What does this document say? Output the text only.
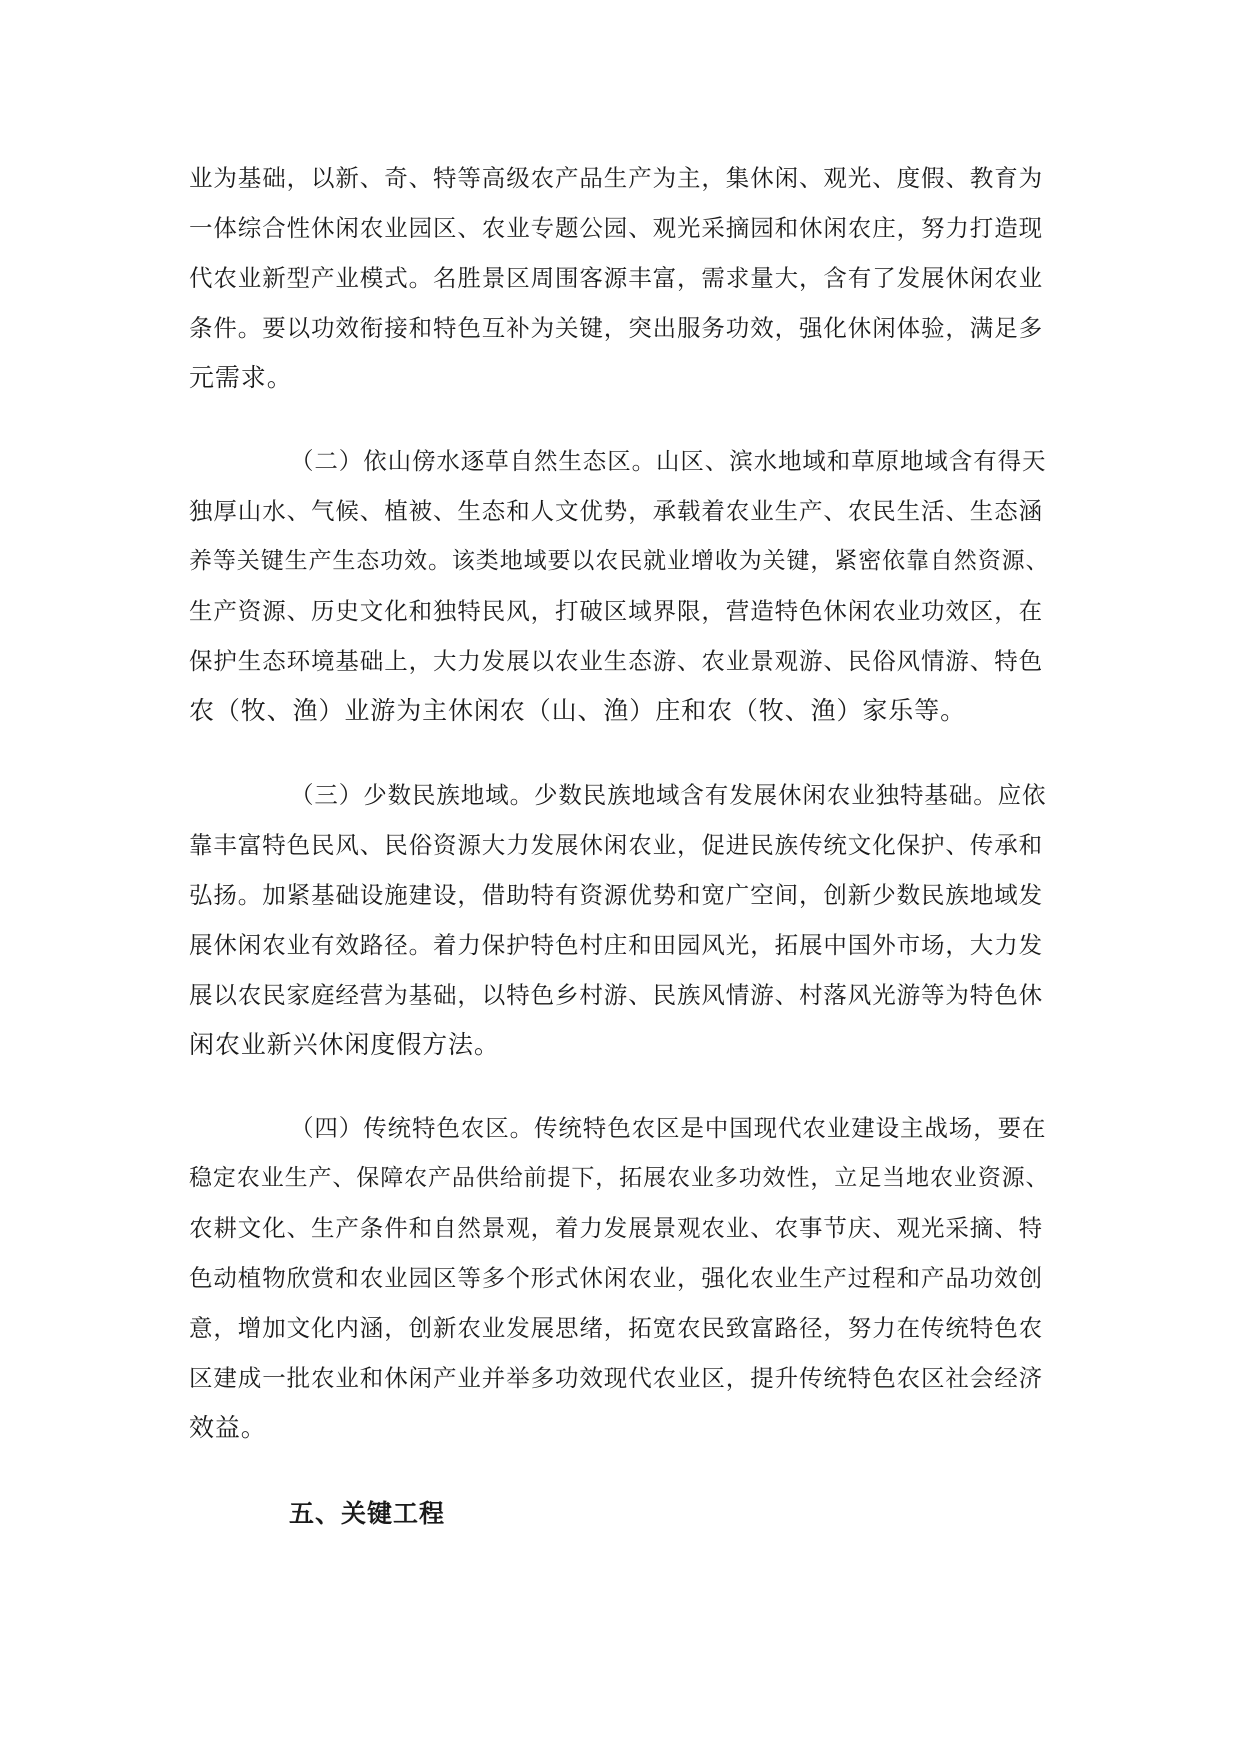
业为基础，以新、奇、特等高级农产品生产为主，集休闲、观光、度假、教育为
一体综合性休闲农业园区、农业专题公园、观光采摘园和休闲农庄，努力打造现
代农业新型产业模式。名胜景区周围客源丰富，需求量大，含有了发展休闲农业
条件。要以功效衔接和特色互补为关键，突出服务功效，强化休闲体验，满足多
元需求。
（二）依山傍水逐草自然生态区。山区、滨水地域和草原地域含有得天
独厚山水、气候、植被、生态和人文优势，承载着农业生产、农民生活、生态涵
养等关键生产生态功效。该类地域要以农民就业增收为关键，紧密依靠自然资源、
生产资源、历史文化和独特民风，打破区域界限，营造特色休闲农业功效区，在
保护生态环境基础上，大力发展以农业生态游、农业景观游、民俗风情游、特色
农（牧、渔）业游为主休闲农（山、渔）庄和农（牧、渔）家乐等。
（三）少数民族地域。少数民族地域含有发展休闲农业独特基础。应依
靠丰富特色民风、民俗资源大力发展休闲农业，促进民族传统文化保护、传承和
弘扬。加紧基础设施建设，借助特有资源优势和宽广空间，创新少数民族地域发
展休闲农业有效路径。着力保护特色村庄和田园风光，拓展中国外市场，大力发
展以农民家庭经营为基础，以特色乡村游、民族风情游、村落风光游等为特色休
闲农业新兴休闲度假方法。
（四）传统特色农区。传统特色农区是中国现代农业建设主战场，要在
稳定农业生产、保障农产品供给前提下，拓展农业多功效性，立足当地农业资源、
农耕文化、生产条件和自然景观，着力发展景观农业、农事节庆、观光采摘、特
色动植物欣赏和农业园区等多个形式休闲农业，强化农业生产过程和产品功效创
意，增加文化内涵，创新农业发展思绪，拓宽农民致富路径，努力在传统特色农
区建成一批农业和休闲产业并举多功效现代农业区，提升传统特色农区社会经济
效益。
五、关键工程
